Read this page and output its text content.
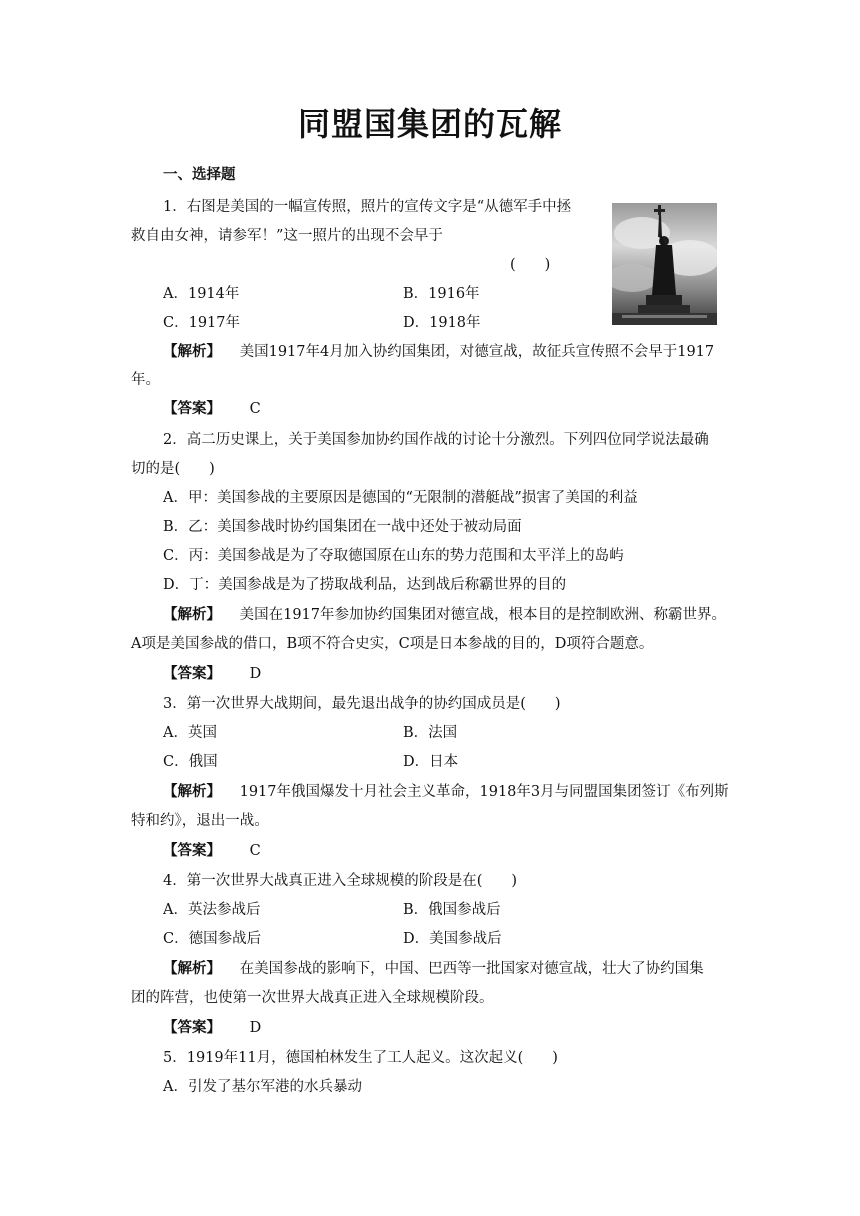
同盟国集团的瓦解
一、选择题
1．右图是美国的一幅宣传照，照片的宣传文字是“从德军手中拯
救自由女神，请参军！”这一照片的出现不会早于
(　　)
A．1914年	B．1916年
C．1917年	D．1918年
【解析】 美国1917年4月加入协约国集团，对德宣战，故征兵宣传照不会早于1917
年。
【答案】 C
2．高二历史课上，关于美国参加协约国作战的讨论十分激烈。下列四位同学说法最确
切的是(　　)
A．甲：美国参战的主要原因是德国的“无限制的潜艇战”损害了美国的利益
B．乙：美国参战时协约国集团在一战中还处于被动局面
C．丙：美国参战是为了夺取德国原在山东的势力范围和太平洋上的岛屿
D．丁：美国参战是为了捞取战利品，达到战后称霸世界的目的
【解析】 美国在1917年参加协约国集团对德宣战，根本目的是控制欧洲、称霸世界。
A项是美国参战的借口，B项不符合史实，C项是日本参战的目的，D项符合题意。
【答案】 D
3．第一次世界大战期间，最先退出战争的协约国成员是(　　)
A．英国	B．法国
C．俄国	D．日本
【解析】 1917年俄国爆发十月社会主义革命，1918年3月与同盟国集团签订《布列斯
特和约》，退出一战。
【答案】 C
4．第一次世界大战真正进入全球规模的阶段是在(　　)
A．英法参战后	B．俄国参战后
C．德国参战后	D．美国参战后
【解析】 在美国参战的影响下，中国、巴西等一批国家对德宣战，壮大了协约国集
团的阵营，也使第一次世界大战真正进入全球规模阶段。
【答案】 D
5．1919年11月，德国柏林发生了工人起义。这次起义(　　)
A．引发了基尔军港的水兵暴动
